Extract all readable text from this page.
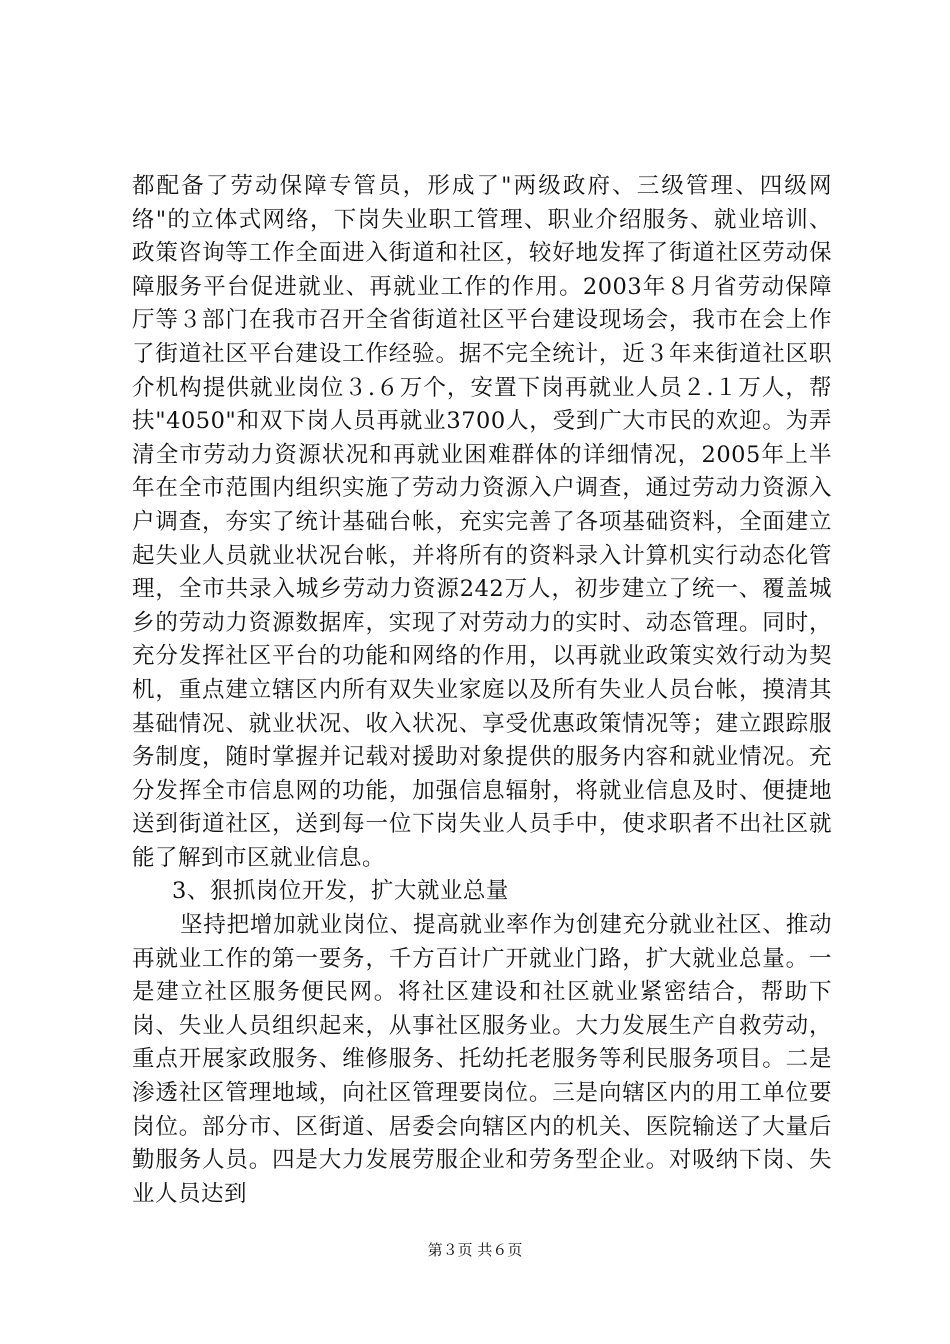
都配备了劳动保障专管员，形成了"两级政府、三级管理、四级网络"的立体式网络，下岗失业职工管理、职业介绍服务、就业培训、政策咨询等工作全面进入街道和社区，较好地发挥了街道社区劳动保障服务平台促进就业、再就业工作的作用。2003年８月省劳动保障厅等３部门在我市召开全省街道社区平台建设现场会，我市在会上作了街道社区平台建设工作经验。据不完全统计，近３年来街道社区职介机构提供就业岗位３.６万个，安置下岗再就业人员２.１万人，帮扶"4050"和双下岗人员再就业3700人，受到广大市民的欢迎。为弄清全市劳动力资源状况和再就业困难群体的详细情况，2005年上半年在全市范围内组织实施了劳动力资源入户调查，通过劳动力资源入户调查，夯实了统计基础台帐，充实完善了各项基础资料，全面建立起失业人员就业状况台帐，并将所有的资料录入计算机实行动态化管理，全市共录入城乡劳动力资源242万人，初步建立了统一、覆盖城乡的劳动力资源数据库，实现了对劳动力的实时、动态管理。同时，充分发挥社区平台的功能和网络的作用，以再就业政策实效行动为契机，重点建立辖区内所有双失业家庭以及所有失业人员台帐，摸清其基础情况、就业状况、收入状况、享受优惠政策情况等；建立跟踪服务制度，随时掌握并记载对援助对象提供的服务内容和就业情况。充分发挥全市信息网的功能，加强信息辐射，将就业信息及时、便捷地送到街道社区，送到每一位下岗失业人员手中，使求职者不出社区就能了解到市区就业信息。

3、狠抓岗位开发，扩大就业总量

坚持把增加就业岗位、提高就业率作为创建充分就业社区、推动再就业工作的第一要务，千方百计广开就业门路，扩大就业总量。一是建立社区服务便民网。将社区建设和社区就业紧密结合，帮助下岗、失业人员组织起来，从事社区服务业。大力发展生产自救劳动，重点开展家政服务、维修服务、托幼托老服务等利民服务项目。二是渗透社区管理地域，向社区管理要岗位。三是向辖区内的用工单位要岗位。部分市、区街道、居委会向辖区内的机关、医院输送了大量后勤服务人员。四是大力发展劳服企业和劳务型企业。对吸纳下岗、失业人员达到

第３页 共６页
